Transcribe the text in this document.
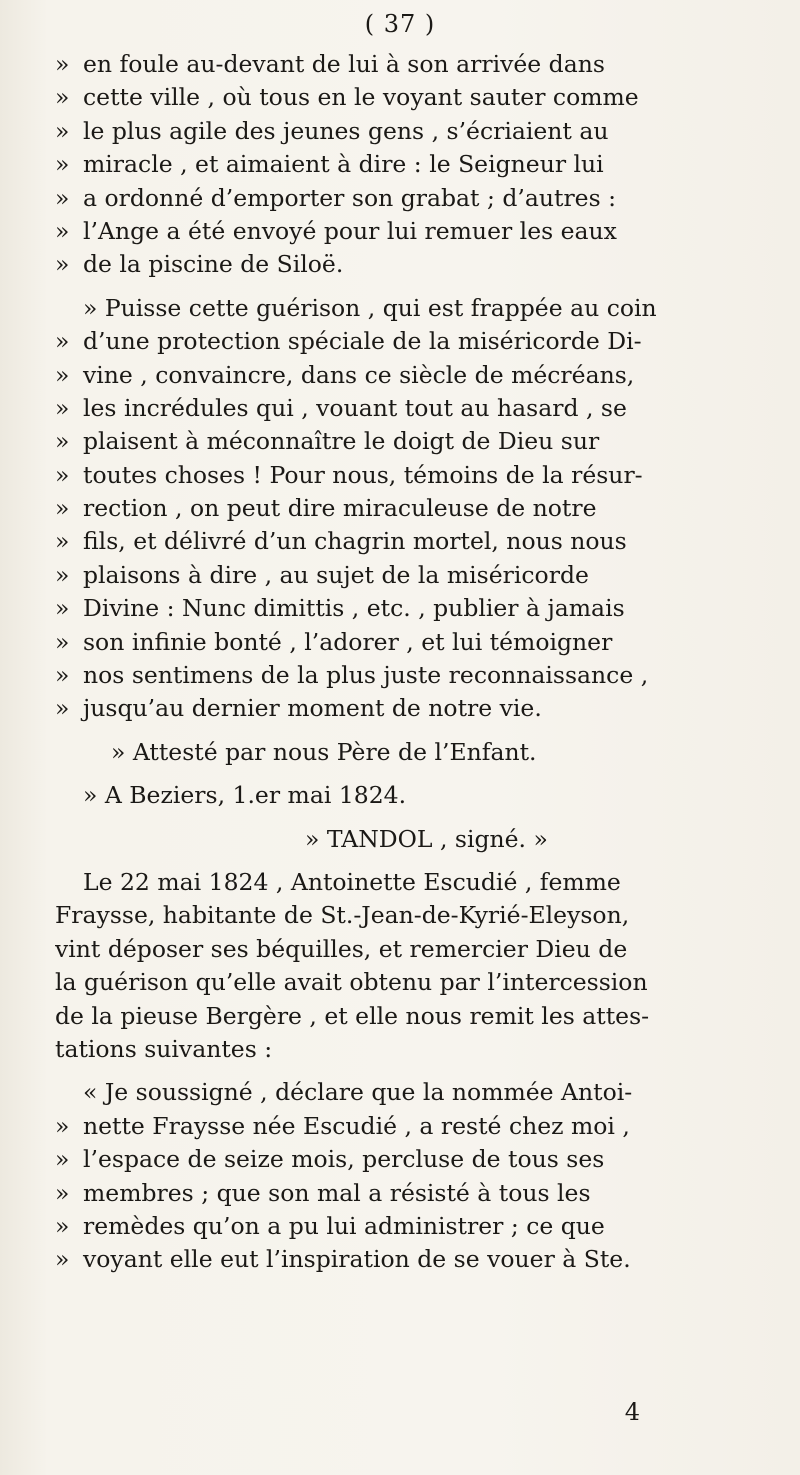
( 37 )
» en foule au-devant de lui à son arrivée dans
» cette ville , où tous en le voyant sauter comme
» le plus agile des jeunes gens , s’écriaient au
» miracle , et aimaient à dire : le Seigneur lui
» a ordonné d’emporter son grabat ; d’autres :
» l’Ange a été envoyé pour lui remuer les eaux
» de la piscine de Siloë.
» Puisse cette guérison , qui est frappée au coin
» d’une protection spéciale de la miséricorde Di-
» vine , convaincre, dans ce siècle de mécréans,
» les incrédules qui , vouant tout au hasard , se
» plaisent à méconnaître le doigt de Dieu sur
» toutes choses ! Pour nous, témoins de la résur-
» rection , on peut dire miraculeuse de notre
» fils, et délivré d’un chagrin mortel, nous nous
» plaisons à dire , au sujet de la miséricorde
» Divine : Nunc dimittis , etc. , publier à jamais
» son infinie bonté , l’adorer , et lui témoigner
» nos sentimens de la plus juste reconnaissance ,
» jusqu’au dernier moment de notre vie.
» Attesté par nous Père de l’Enfant.
» A Beziers, 1.er mai 1824.
» TANDOL , signé. »
Le 22 mai 1824 , Antoinette Escudié , femme
Fraysse, habitante de St.-Jean-de-Kyrié-Eleyson,
vint déposer ses béquilles, et remercier Dieu de
la guérison qu’elle avait obtenu par l’intercession
de la pieuse Bergère , et elle nous remit les attes-
tations suivantes :
« Je soussigné , déclare que la nommée Antoi-
» nette Fraysse née Escudié , a resté chez moi ,
» l’espace de seize mois, percluse de tous ses
» membres ; que son mal a résisté à tous les
» remèdes qu’on a pu lui administrer ; ce que
» voyant elle eut l’inspiration de se vouer à Ste.
4
